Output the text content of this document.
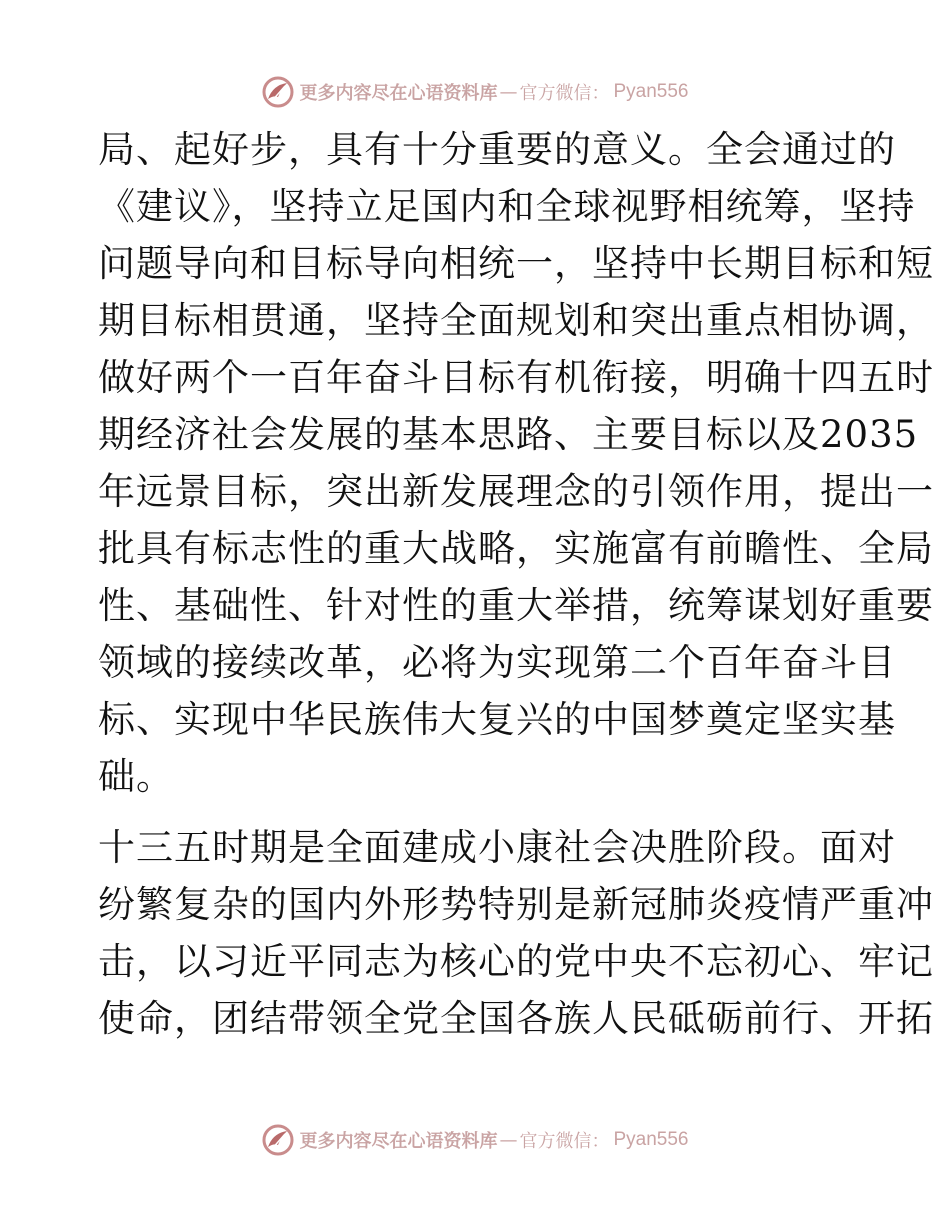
更多内容尽在心语资料库 — 官方微信： Pyan556
局、起好步，具有十分重要的意义。全会通过的
《建议》，坚持立足国内和全球视野相统筹，坚持
问题导向和目标导向相统一，坚持中长期目标和短
期目标相贯通，坚持全面规划和突出重点相协调，
做好两个一百年奋斗目标有机衔接，明确十四五时
期经济社会发展的基本思路、主要目标以及2035
年远景目标，突出新发展理念的引领作用，提出一
批具有标志性的重大战略，实施富有前瞻性、全局
性、基础性、针对性的重大举措，统筹谋划好重要
领域的接续改革，必将为实现第二个百年奋斗目
标、实现中华民族伟大复兴的中国梦奠定坚实基
础。
十三五时期是全面建成小康社会决胜阶段。面对
纷繁复杂的国内外形势特别是新冠肺炎疫情严重冲
击，以习近平同志为核心的党中央不忘初心、牢记
使命，团结带领全党全国各族人民砥砺前行、开拓
更多内容尽在心语资料库 — 官方微信： Pyan556
